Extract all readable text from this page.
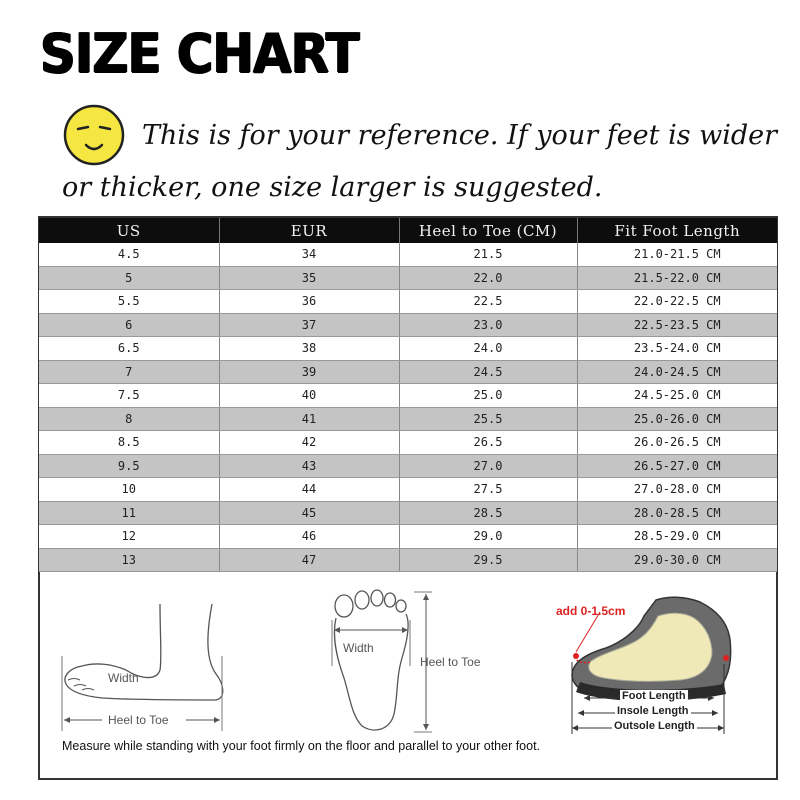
SIZE CHART
This is for your reference. If your feet is wider or thicker, one size larger is suggested.
US	EUR	Heel to Toe (CM)	Fit Foot Length
4.5	34	21.5	21.0-21.5 CM
5	35	22.0	21.5-22.0 CM
5.5	36	22.5	22.0-22.5 CM
6	37	23.0	22.5-23.5 CM
6.5	38	24.0	23.5-24.0 CM
7	39	24.5	24.0-24.5 CM
7.5	40	25.0	24.5-25.0 CM
8	41	25.5	25.0-26.0 CM
8.5	42	26.5	26.0-26.5 CM
9.5	43	27.0	26.5-27.0 CM
10	44	27.5	27.0-28.0 CM
11	45	28.5	28.0-28.5 CM
12	46	29.0	28.5-29.0 CM
13	47	29.5	29.0-30.0 CM
Width
Heel to Toe
Width
Heel to Toe
add 0-1.5cm
Foot Length
Insole Length
Outsole Length
Measure while standing with your foot firmly on the floor and parallel to your other foot.
